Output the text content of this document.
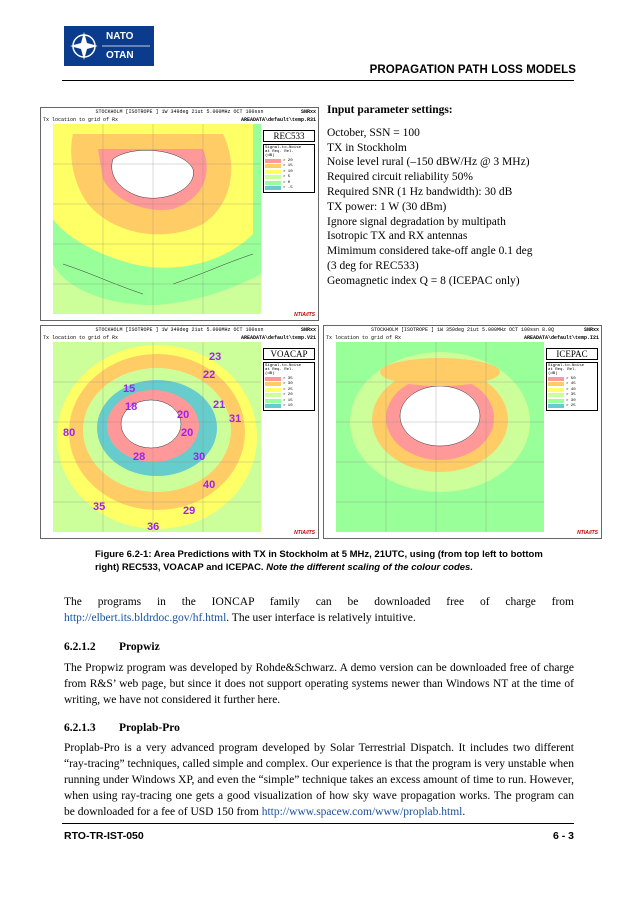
NATO
OTAN
PROPAGATION PATH LOSS MODELS
STOCKHOLM [ISOTROPE ] 1W 349deg 21ut 5.000MHz OCT 100ssn	SNRxx
Tx location to grid of Rx	AREADATA\default\temp.R31
REC533
Signal-to-Noise
at Req. Rel.
(dB)
> 20
> 15
> 10
> 5
> 0
> -5
NTIA/ITS
Input parameter settings:
October, SSN = 100
TX in Stockholm
Noise level rural (–150 dBW/Hz @ 3 MHz)
Required circuit reliability 50%
Required SNR (1 Hz bandwidth): 30 dB
TX power: 1 W (30 dBm)
Ignore signal degradation by multipath
Isotropic TX and RX antennas
Mimimum considered take-off angle 0.1 deg
(3 deg for REC533)
Geomagnetic index Q = 8 (ICEPAC only)
STOCKHOLM [ISOTROPE ] 1W 349deg 21ut 5.000MHz OCT 100ssn	SNRxx
Tx location to grid of Rx	AREADATA\default\temp.V21
23
22
15
18	21
20	31
20
80
28	30
40
35	29
36
VOACAP
Signal-to-Noise
at Req. Rel.
(dB)
> 35
> 30
> 25
> 20
> 15
> 10
NTIA/ITS
STOCKHOLM [ISOTROPE ] 1W 350deg 21ut 5.000MHz OCT 100ssn 8.0Q	SNRxx
Tx location to grid of Rx	AREADATA\default\temp.I21
ICEPAC
Signal-to-Noise
at Req. Rel.
(dB)
> 50
> 45
> 40
> 35
> 30
> 25
NTIA/ITS
Figure 6.2-1: Area Predictions with TX in Stockholm at 5 MHz, 21UTC, using (from top left to bottom right) REC533, VOACAP and ICEPAC. Note the different scaling of the colour codes.
The programs in the IONCAP family can be downloaded free of charge from http://elbert.its.bldrdoc.gov/hf.html. The user interface is relatively intuitive.
6.2.1.2 Propwiz
The Propwiz program was developed by Rohde&Schwarz. A demo version can be downloaded free of charge from R&S’ web page, but since it does not support operating systems newer than Windows NT at the time of writing, we have not considered it further here.
6.2.1.3 Proplab-Pro
Proplab-Pro is a very advanced program developed by Solar Terrestrial Dispatch. It includes two different “ray-tracing” techniques, called simple and complex. Our experience is that the program is very unstable when running under Windows XP, and even the “simple” technique takes an excess amount of time to run. However, when using ray-tracing one gets a good visualization of how sky wave propagation works. The program can be downloaded for a fee of USD 150 from http://www.spacew.com/www/proplab.html.
RTO-TR-IST-050	6 - 3
